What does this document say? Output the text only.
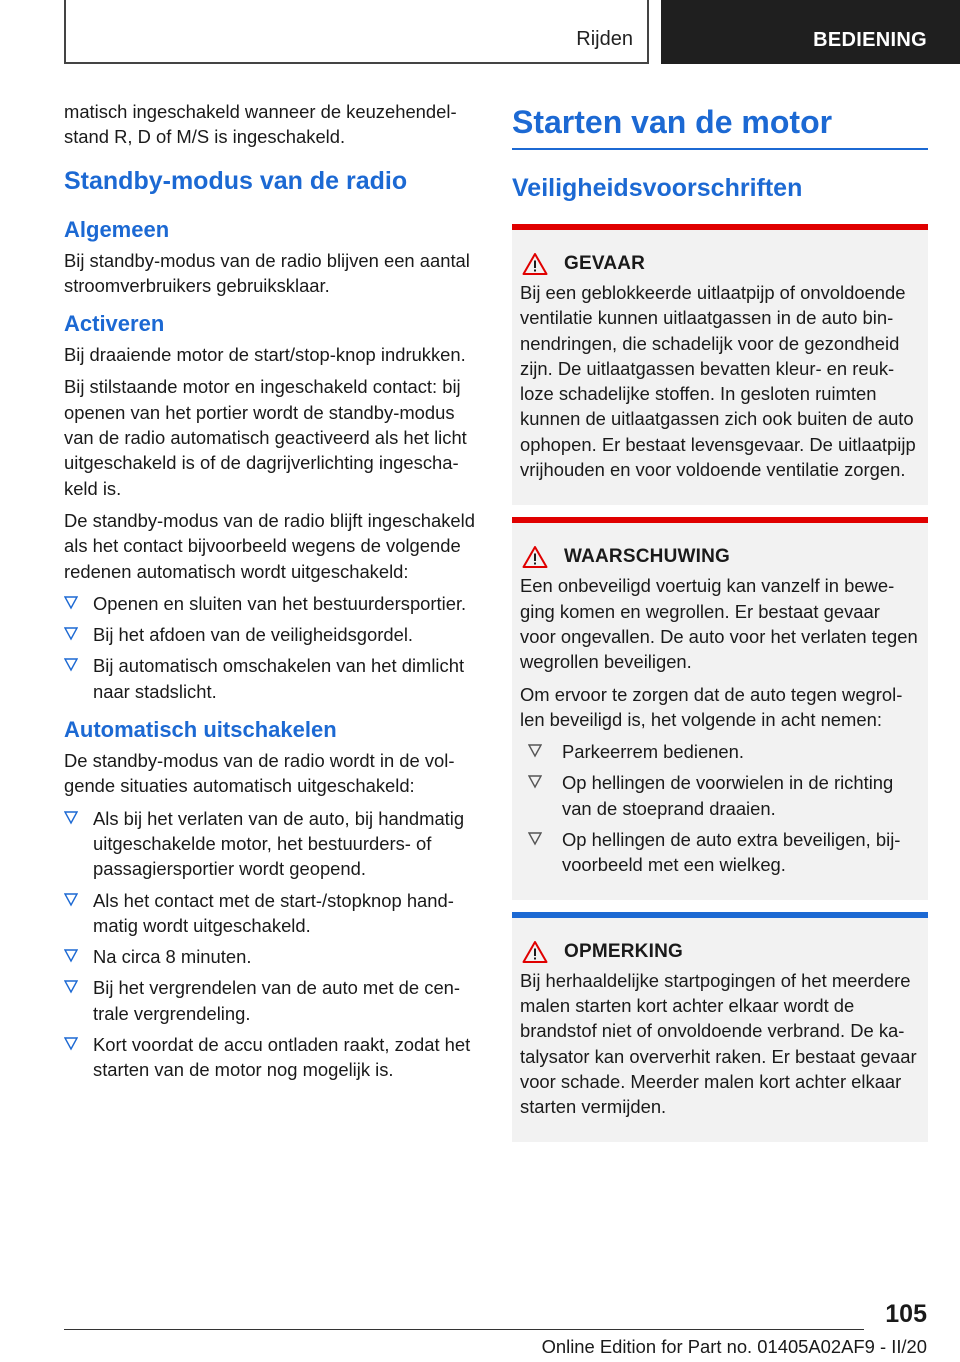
Rijden	BEDIENING

matisch ingeschakeld wanneer de keuzehendelstand R, D of M/S is ingeschakeld.

Standby-modus van de radio
Algemeen

Bij standby-modus van de radio blijven een aantal stroomverbruikers gebruiksklaar.

Activeren

Bij draaiende motor de start/stop-knop indrukken.

Bij stilstaande motor en ingeschakeld contact: bij openen van het portier wordt de standby-modus van de radio automatisch geactiveerd als het licht uitgeschakeld is of de dagrijverlichting ingeschakeld is.

De standby-modus van de radio blijft ingeschakeld als het contact bijvoorbeeld wegens de volgende redenen automatisch wordt uitgeschakeld:

Openen en sluiten van het bestuurdersportier.
Bij het afdoen van de veiligheidsgordel.
Bij automatisch omschakelen van het dimlicht naar stadslicht.
Automatisch uitschakelen

De standby-modus van de radio wordt in de volgende situaties automatisch uitgeschakeld:

Als bij het verlaten van de auto, bij handmatig uitgeschakelde motor, het bestuurders- of passagiersportier wordt geopend.
Als het contact met de start-/stopknop handmatig wordt uitgeschakeld.
Na circa 8 minuten.
Bij het vergrendelen van de auto met de centrale vergrendeling.
Kort voordat de accu ontladen raakt, zodat het starten van de motor nog mogelijk is.
Starten van de motor
Veiligheidsvoorschriften
GEVAAR

Bij een geblokkeerde uitlaatpijp of onvoldoende ventilatie kunnen uitlaatgassen in de auto binnendringen, die schadelijk voor de gezondheid zijn. De uitlaatgassen bevatten kleur- en reukloze schadelijke stoffen. In gesloten ruimten kunnen de uitlaatgassen zich ook buiten de auto ophopen. Er bestaat levensgevaar. De uitlaatpijp vrijhouden en voor voldoende ventilatie zorgen.

WAARSCHUWING

Een onbeveiligd voertuig kan vanzelf in beweging komen en wegrollen. Er bestaat gevaar voor ongevallen. De auto voor het verlaten tegen wegrollen beveiligen.

Om ervoor te zorgen dat de auto tegen wegrollen beveiligd is, het volgende in acht nemen:

Parkeerrem bedienen.
Op hellingen de voorwielen in de richting van de stoeprand draaien.
Op hellingen de auto extra beveiligen, bijvoorbeeld met een wielkeg.
OPMERKING

Bij herhaaldelijke startpogingen of het meerdere malen starten kort achter elkaar wordt de brandstof niet of onvoldoende verbrand. De katalysator kan oververhit raken. Er bestaat gevaar voor schade. Meerder malen kort achter elkaar starten vermijden.

105
Online Edition for Part no. 01405A02AF9 - II/20
